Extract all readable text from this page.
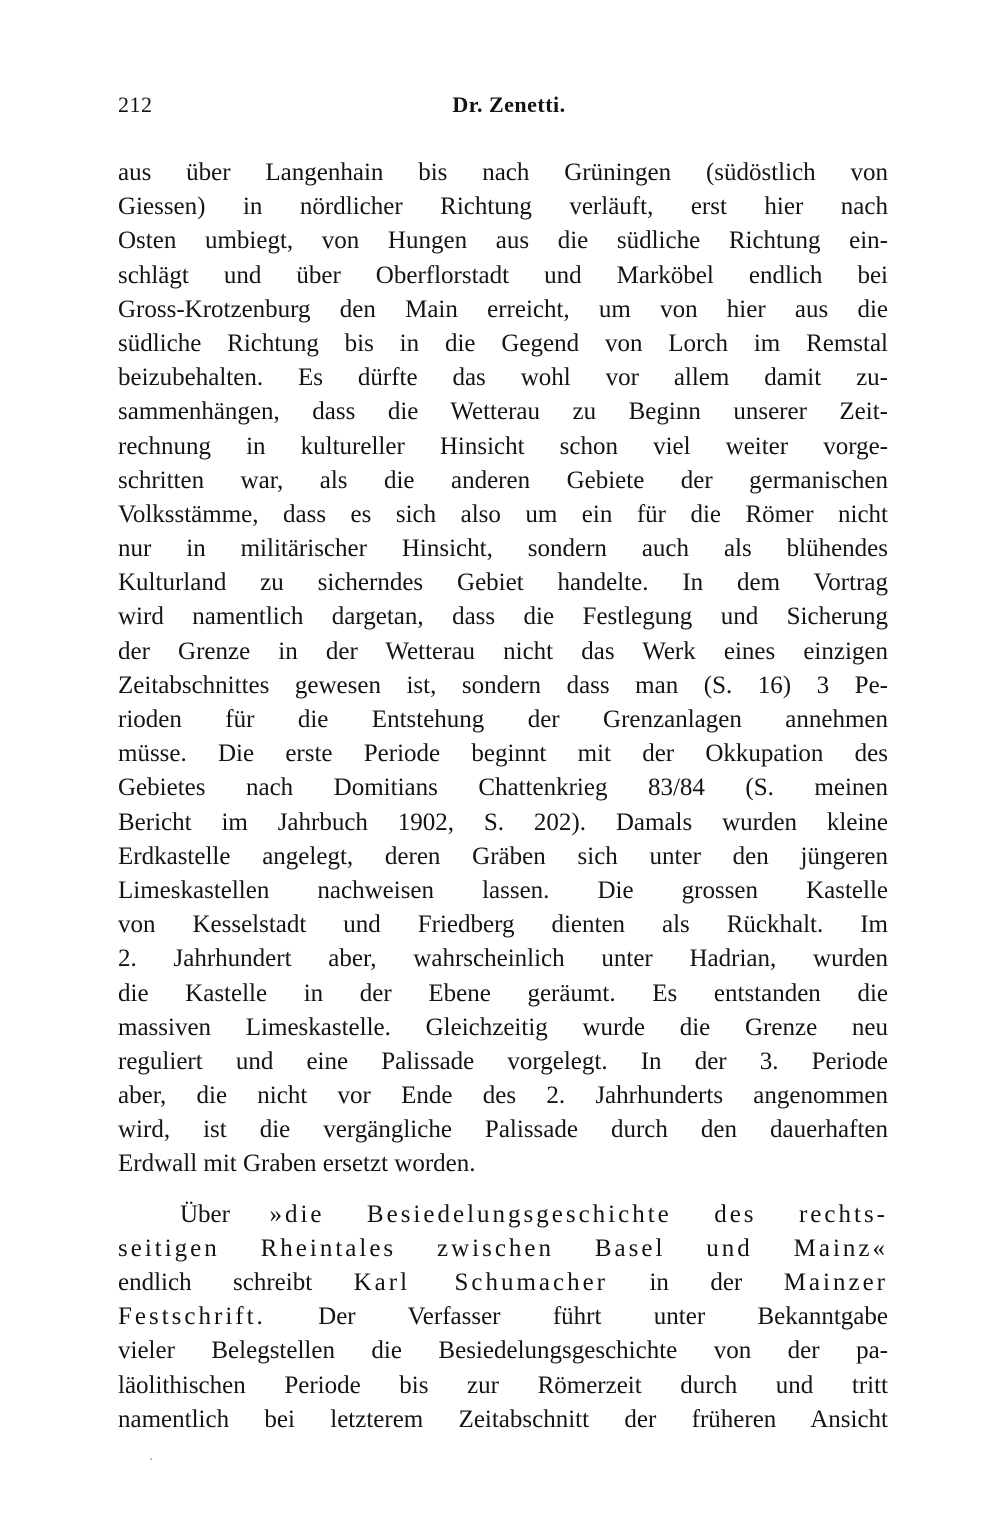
212	Dr. Zenetti.
aus über Langenhain bis nach Grüningen (südöstlich von
Giessen) in nördlicher Richtung verläuft, erst hier nach
Osten umbiegt, von Hungen aus die südliche Richtung ein-
schlägt und über Oberflorstadt und Marköbel endlich bei
Gross-Krotzenburg den Main erreicht, um von hier aus die
südliche Richtung bis in die Gegend von Lorch im Remstal
beizubehalten. Es dürfte das wohl vor allem damit zu-
sammenhängen, dass die Wetterau zu Beginn unserer Zeit-
rechnung in kultureller Hinsicht schon viel weiter vorge-
schritten war, als die anderen Gebiete der germanischen
Volksstämme, dass es sich also um ein für die Römer nicht
nur in militärischer Hinsicht, sondern auch als blühendes
Kulturland zu sicherndes Gebiet handelte. In dem Vortrag
wird namentlich dargetan, dass die Festlegung und Sicherung
der Grenze in der Wetterau nicht das Werk eines einzigen
Zeitabschnittes gewesen ist, sondern dass man (S. 16) 3 Pe-
rioden für die Entstehung der Grenzanlagen annehmen
müsse. Die erste Periode beginnt mit der Okkupation des
Gebietes nach Domitians Chattenkrieg 83/84 (S. meinen
Bericht im Jahrbuch 1902, S. 202). Damals wurden kleine
Erdkastelle angelegt, deren Gräben sich unter den jüngeren
Limeskastellen nachweisen lassen. Die grossen Kastelle
von Kesselstadt und Friedberg dienten als Rückhalt. Im
2. Jahrhundert aber, wahrscheinlich unter Hadrian, wurden
die Kastelle in der Ebene geräumt. Es entstanden die
massiven Limeskastelle. Gleichzeitig wurde die Grenze neu
reguliert und eine Palissade vorgelegt. In der 3. Periode
aber, die nicht vor Ende des 2. Jahrhunderts angenommen
wird, ist die vergängliche Palissade durch den dauerhaften
Erdwall mit Graben ersetzt worden.
Über »die Besiedelungsgeschichte des rechts-
seitigen Rheintales zwischen Basel und Mainz«
endlich schreibt Karl Schumacher in der Mainzer
Festschrift. Der Verfasser führt unter Bekanntgabe
vieler Belegstellen die Besiedelungsgeschichte von der pa-
läolithischen Periode bis zur Römerzeit durch und tritt
namentlich bei letzterem Zeitabschnitt der früheren Ansicht
